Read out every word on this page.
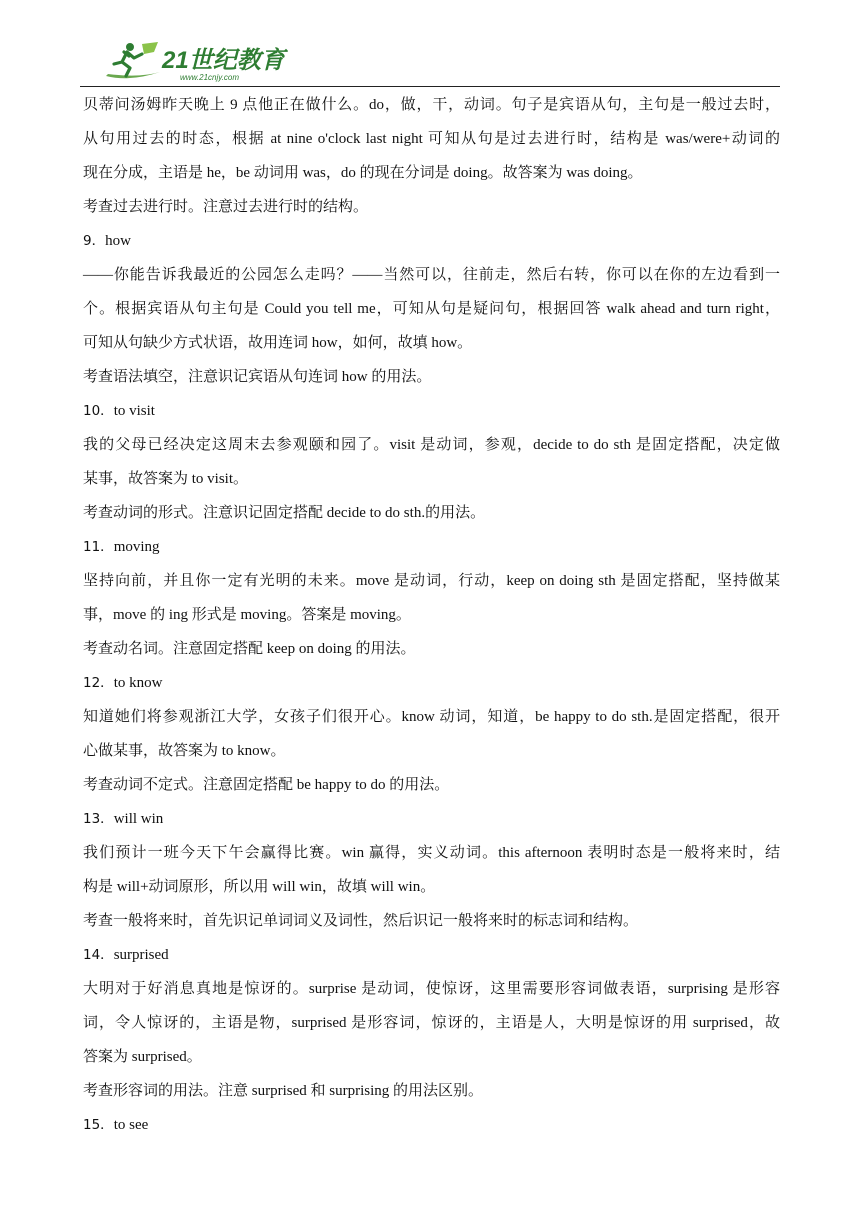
21世纪教育
www.21cnjy.com

贝蒂问汤姆昨天晚上 9 点他正在做什么。do，做，干，动词。句子是宾语从句，主句是一般过去时，

从句用过去的时态，根据 at nine o'clock last night 可知从句是过去进行时，结构是 was/were+动词的

现在分成，主语是 he，be 动词用 was，do 的现在分词是 doing。故答案为 was doing。

考查过去进行时。注意过去进行时的结构。

9．how

——你能告诉我最近的公园怎么走吗？——当然可以，往前走，然后右转，你可以在你的左边看到一

个。根据宾语从句主句是 Could you tell me，可知从句是疑问句，根据回答 walk ahead and turn right，

可知从句缺少方式状语，故用连词 how，如何，故填 how。

考查语法填空，注意识记宾语从句连词 how 的用法。

10．to visit

我的父母已经决定这周末去参观颐和园了。visit 是动词，参观，decide to do sth 是固定搭配，决定做

某事，故答案为 to visit。

考查动词的形式。注意识记固定搭配 decide to do sth.的用法。

11．moving

坚持向前，并且你一定有光明的未来。move 是动词，行动，keep on doing sth 是固定搭配，坚持做某

事，move 的 ing 形式是 moving。答案是 moving。

考查动名词。注意固定搭配 keep on doing 的用法。

12．to know

知道她们将参观浙江大学，女孩子们很开心。know 动词，知道，be happy to do sth.是固定搭配，很开

心做某事，故答案为 to know。

考查动词不定式。注意固定搭配 be happy to do 的用法。

13．will win

我们预计一班今天下午会赢得比赛。win 赢得，实义动词。this afternoon 表明时态是一般将来时，结

构是 will+动词原形，所以用 will win，故填 will win。

考查一般将来时，首先识记单词词义及词性，然后识记一般将来时的标志词和结构。

14．surprised

大明对于好消息真地是惊讶的。surprise 是动词，使惊讶，这里需要形容词做表语，surprising 是形容

词，令人惊讶的，主语是物，surprised 是形容词，惊讶的，主语是人，大明是惊讶的用 surprised，故

答案为 surprised。

考查形容词的用法。注意 surprised 和 surprising 的用法区别。

15．to see
